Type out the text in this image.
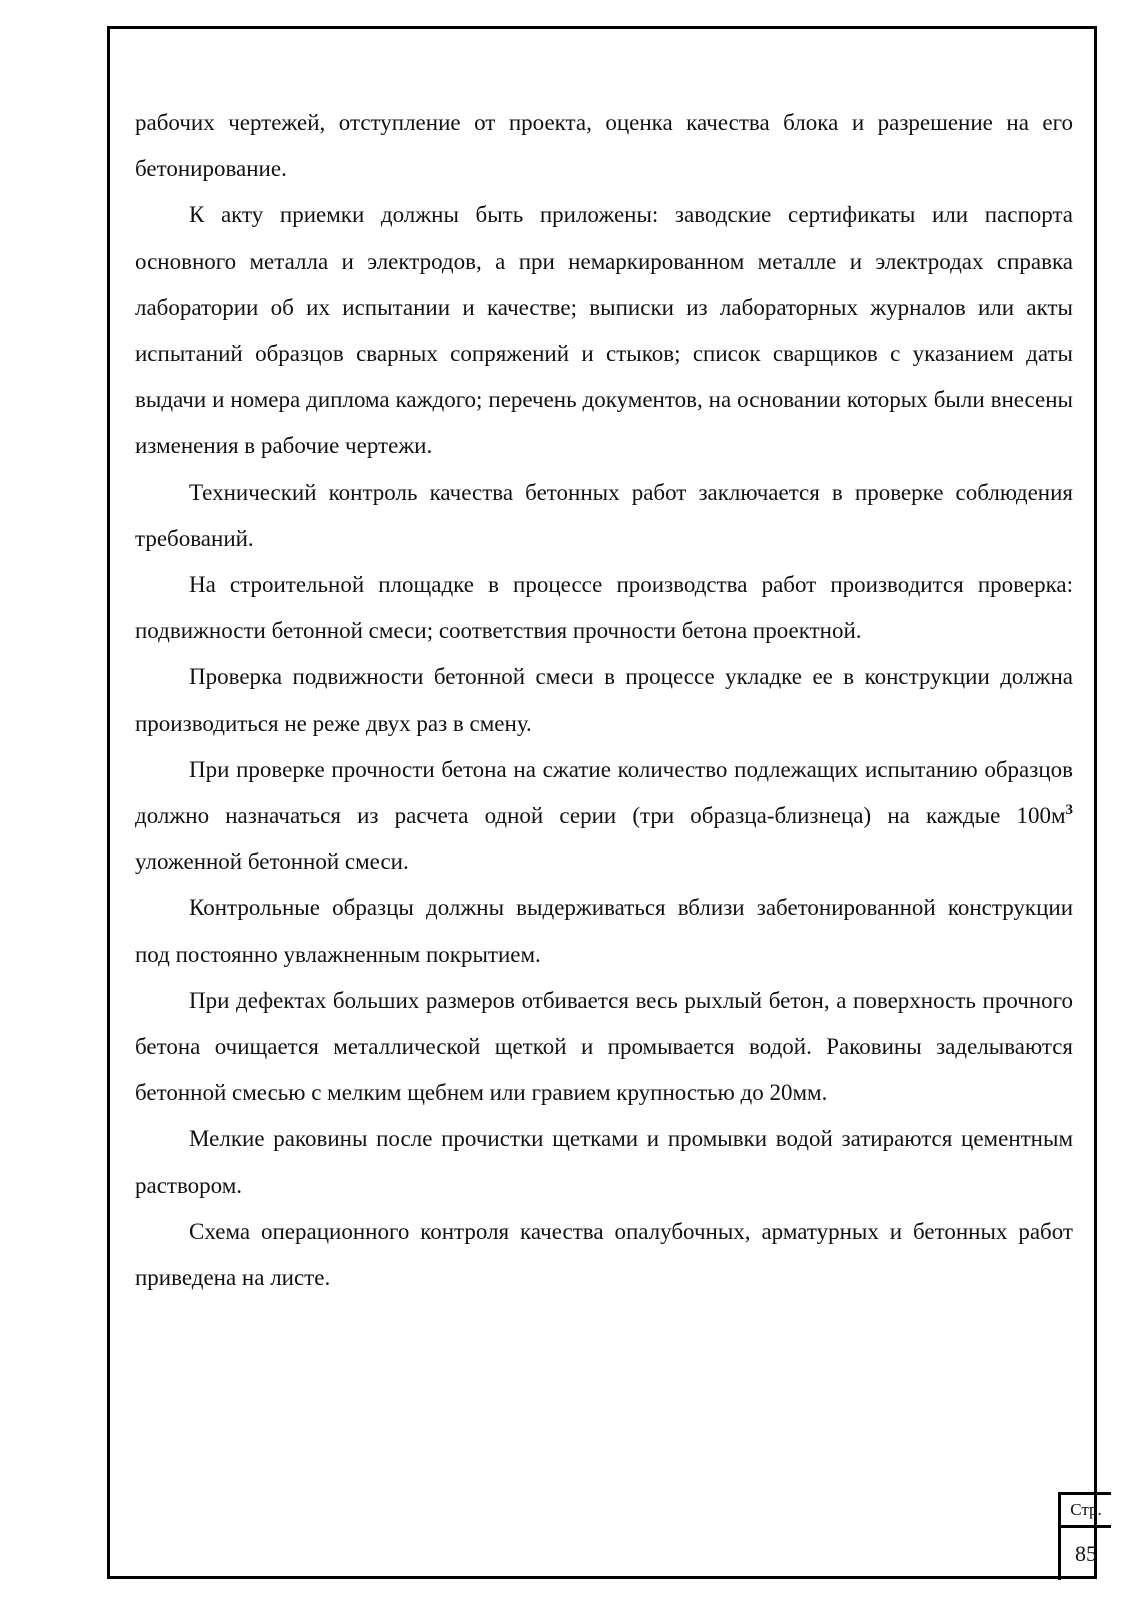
рабочих чертежей, отступление от проекта, оценка качества блока и разрешение на его бетонирование.

К акту приемки должны быть приложены: заводские сертификаты или паспорта основного металла и электродов, а при немаркированном металле и электродах справка лаборатории об их испытании и качестве; выписки из лабораторных журналов или акты испытаний образцов сварных сопряжений и стыков; список сварщиков с указанием даты выдачи и номера диплома каждого; перечень документов, на основании которых были внесены изменения в рабочие чертежи.

Технический контроль качества бетонных работ заключается в проверке соблюдения требований.

На строительной площадке в процессе производства работ производится проверка: подвижности бетонной смеси; соответствия прочности бетона проектной.

Проверка подвижности бетонной смеси в процессе укладке ее в конструкции должна производиться не реже двух раз в смену.

При проверке прочности бетона на сжатие количество подлежащих испытанию образцов должно назначаться из расчета одной серии (три образца-близнеца) на каждые $100м^3$ уложенной бетонной смеси.

Контрольные образцы должны выдерживаться вблизи забетонированной конструкции под постоянно увлажненным покрытием.

При дефектах больших размеров отбивается весь рыхлый бетон, а поверхность прочного бетона очищается металлической щеткой и промывается водой. Раковины заделываются бетонной смесью с мелким щебнем или гравием крупностью до 20мм.

Мелкие раковины после прочистки щетками и промывки водой затираются цементным раствором.

Схема операционного контроля качества опалубочных, арматурных и бетонных работ приведена на листе.

Стр.
85
